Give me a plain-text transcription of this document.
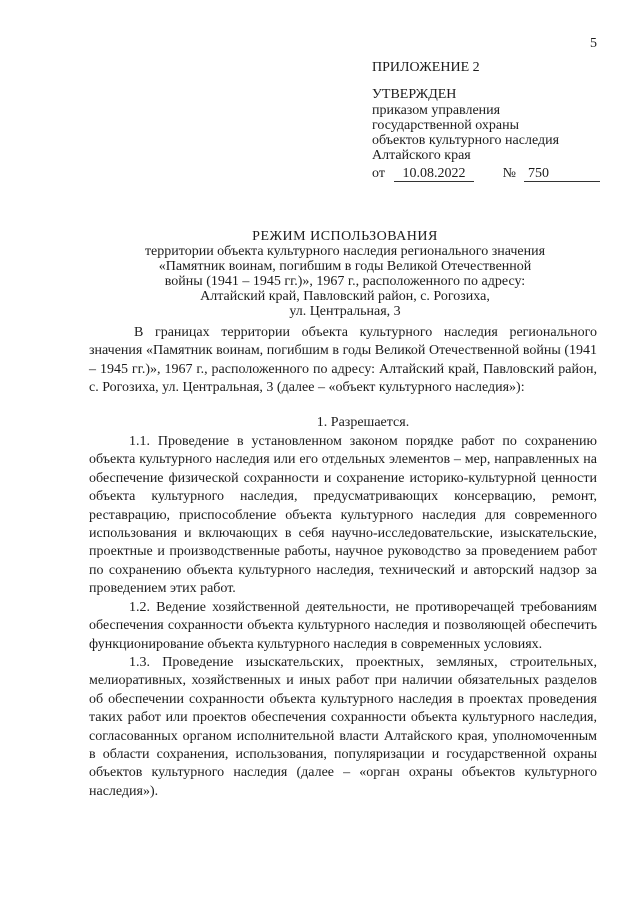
5
ПРИЛОЖЕНИЕ 2
УТВЕРЖДЕН
приказом управления
государственной охраны
объектов культурного наследия
Алтайского края
от	10.08.2022	№ 750
РЕЖИМ ИСПОЛЬЗОВАНИЯ
территории объекта культурного наследия регионального значения
«Памятник воинам, погибшим в годы Великой Отечественной
войны (1941 – 1945 гг.)», 1967 г., расположенного по адресу:
Алтайский край, Павловский район, с. Рогозиха,
ул. Центральная, 3

В границах территории объекта культурного наследия регионального значения «Памятник воинам, погибшим в годы Великой Отечественной войны (1941 – 1945 гг.)», 1967 г., расположенного по адресу: Алтайский край, Павловский район, с. Рогозиха, ул. Центральная, 3 (далее – «объект культурного наследия»):

1. Разрешается.

1.1. Проведение в установленном законом порядке работ по сохранению объекта культурного наследия или его отдельных элементов – мер, направленных на обеспечение физической сохранности и сохранение историко-культурной ценности объекта культурного наследия, предусматривающих консервацию, ремонт, реставрацию, приспособление объекта культурного наследия для современного использования и включающих в себя научно-исследовательские, изыскательские, проектные и производственные работы, научное руководство за проведением работ по сохранению объекта культурного наследия, технический и авторский надзор за проведением этих работ.

1.2. Ведение хозяйственной деятельности, не противоречащей требованиям обеспечения сохранности объекта культурного наследия и позволяющей обеспечить функционирование объекта культурного наследия в современных условиях.

1.3. Проведение изыскательских, проектных, земляных, строительных, мелиоративных, хозяйственных и иных работ при наличии обязательных разделов об обеспечении сохранности объекта культурного наследия в проектах проведения таких работ или проектов обеспечения сохранности объекта культурного наследия, согласованных органом исполнительной власти Алтайского края, уполномоченным в области сохранения, использования, популяризации и государственной охраны объектов культурного наследия (далее – «орган охраны объектов культурного наследия»).
